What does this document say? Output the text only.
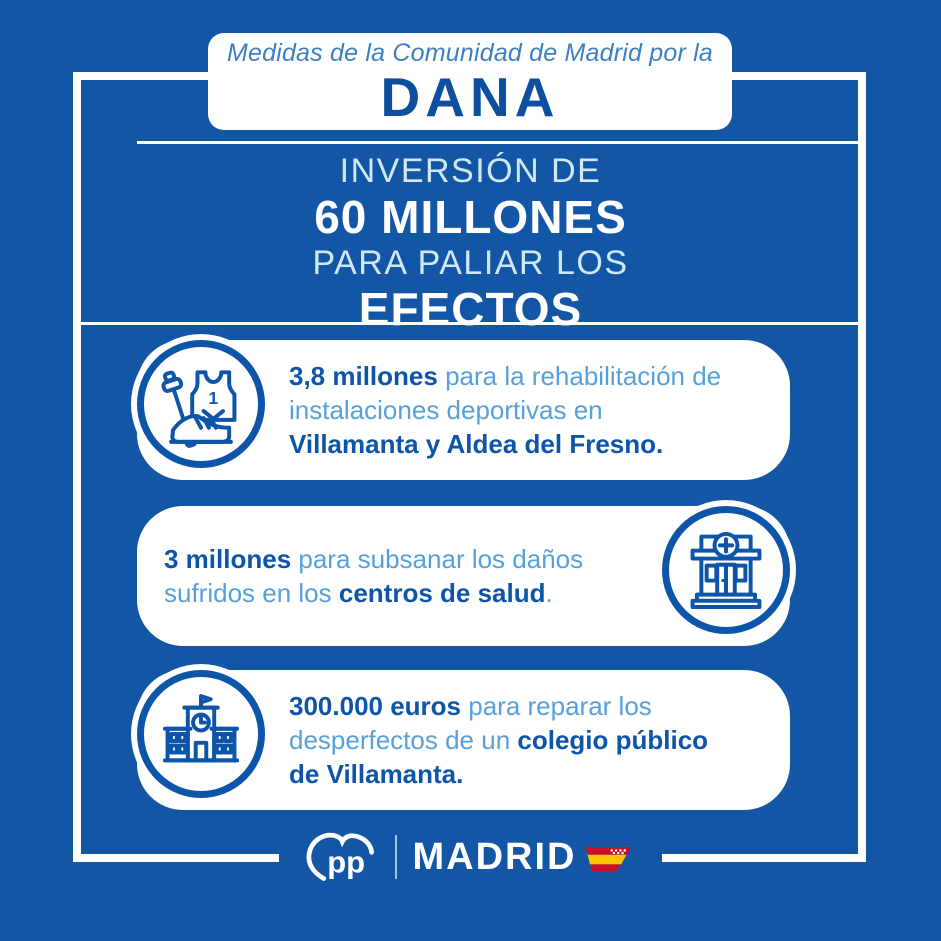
Medidas de la Comunidad de Madrid por la
DANA
INVERSIÓN DE
60 MILLONES
PARA PALIAR LOS
EFECTOS
1
3,8 millones para la rehabilitación de
instalaciones deportivas en
Villamanta y Aldea del Fresno.
3 millones para subsanar los daños
sufridos en los centros de salud.
300.000 euros para reparar los
desperfectos de un colegio público
de Villamanta.
pp MADRID
